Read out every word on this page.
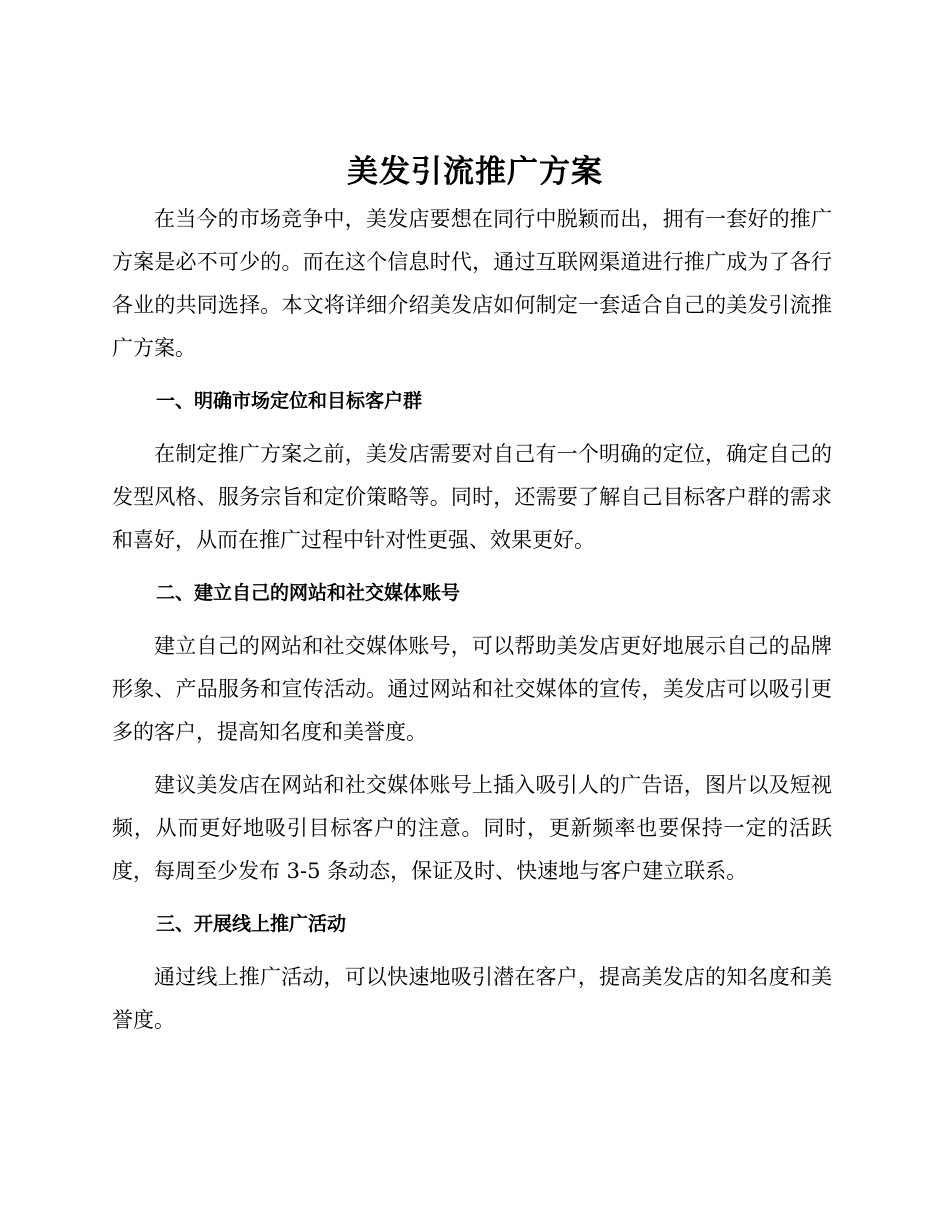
美发引流推广方案

在当今的市场竞争中，美发店要想在同行中脱颖而出，拥有一套好的推广方案是必不可少的。而在这个信息时代，通过互联网渠道进行推广成为了各行各业的共同选择。本文将详细介绍美发店如何制定一套适合自己的美发引流推广方案。

一、明确市场定位和目标客户群

在制定推广方案之前，美发店需要对自己有一个明确的定位，确定自己的发型风格、服务宗旨和定价策略等。同时，还需要了解自己目标客户群的需求和喜好，从而在推广过程中针对性更强、效果更好。

二、建立自己的网站和社交媒体账号

建立自己的网站和社交媒体账号，可以帮助美发店更好地展示自己的品牌形象、产品服务和宣传活动。通过网站和社交媒体的宣传，美发店可以吸引更多的客户，提高知名度和美誉度。

建议美发店在网站和社交媒体账号上插入吸引人的广告语，图片以及短视频，从而更好地吸引目标客户的注意。同时，更新频率也要保持一定的活跃度，每周至少发布 3-5 条动态，保证及时、快速地与客户建立联系。

三、开展线上推广活动

通过线上推广活动，可以快速地吸引潜在客户，提高美发店的知名度和美誉度。
